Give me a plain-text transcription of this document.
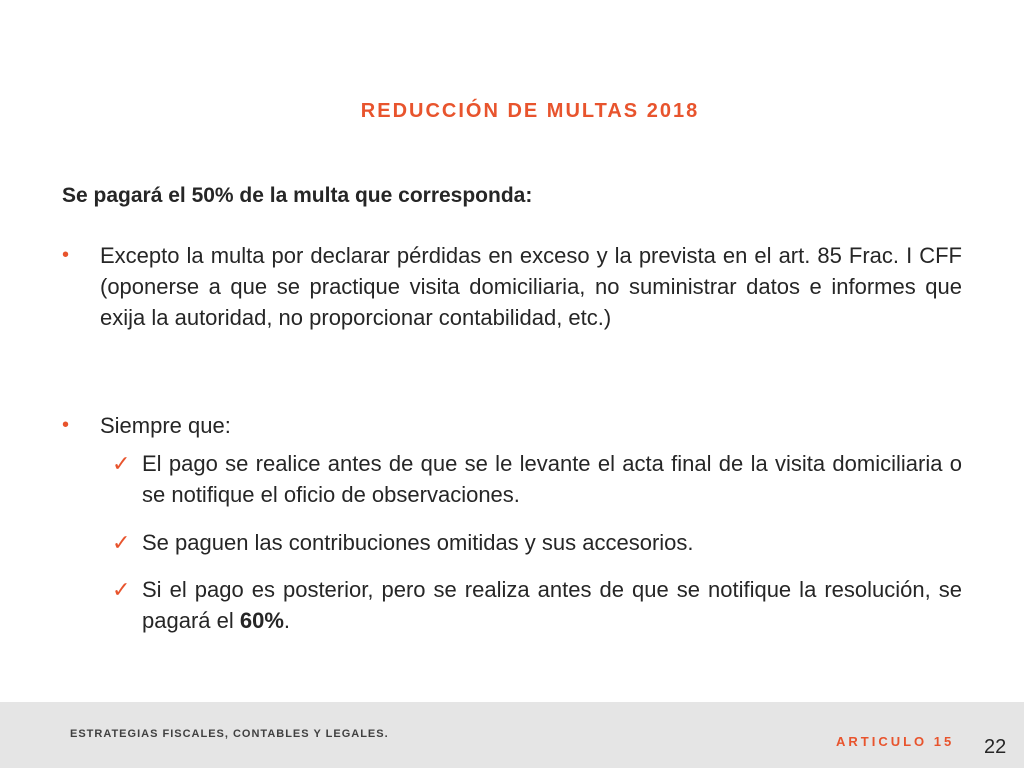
REDUCCIÓN DE MULTAS 2018
Se pagará el 50% de la multa que corresponda:
• Excepto la multa por declarar pérdidas en exceso y la prevista en el art. 85 Frac. I CFF (oponerse a que se practique visita domiciliaria, no suministrar datos e informes que exija la autoridad, no proporcionar contabilidad, etc.)
• Siempre que:
✓ El pago se realice antes de que se le levante el acta final de la visita domiciliaria o se notifique el oficio de observaciones.
✓ Se paguen las contribuciones omitidas y sus accesorios.
✓ Si el pago es posterior, pero se realiza antes de que se notifique la resolución, se pagará el 60%.
ESTRATEGIAS FISCALES, CONTABLES Y LEGALES.	ARTICULO 15 22
